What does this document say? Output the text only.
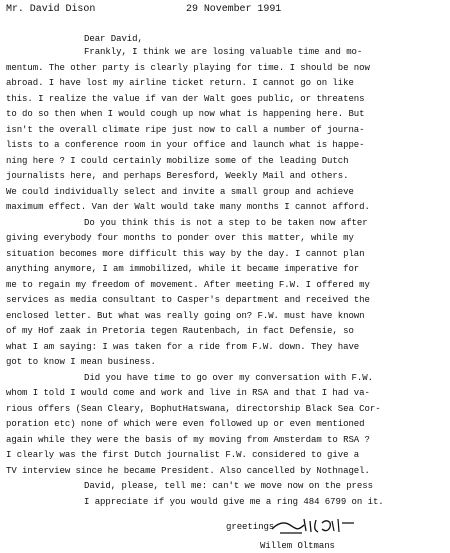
Mr. David Dison	29 November 1991
Dear David,
Frankly, I think we are losing valuable time and mo-
mentum. The other party is clearly playing for time. I should be now
abroad. I have lost my airline ticket return. I cannot go on like
this. I realize the value if van der Walt goes public, or threatens
to do so then when I would cough up now what is happening here. But
isn't the overall climate ripe just now to call a number of journa-
lists to a conference room in your office and launch what is happe-
ning here ? I could certainly mobilize some of the leading Dutch
journalists here, and perhaps Beresford, Weekly Mail and others.
We could individually select and invite a small group and achieve
maximum effect. Van der Walt would take many months I cannot afford.
Do you think this is not a step to be taken now after
giving everybody four months to ponder over this matter, while my
situation becomes more difficult this way by the day. I cannot plan
anything anymore, I am immobilized, while it became imperative for
me to regain my freedom of movement. After meeting F.W. I offered my
services as media consultant to Casper's department and received the
enclosed letter. But what was really going on? F.W. must have known
of my Hof zaak in Pretoria tegen Rautenbach, in fact Defensie, so
what I am saying: I was taken for a ride from F.W. down. They have
got to know I mean business.
Did you have time to go over my conversation with F.W.
whom I told I would come and work and live in RSA and that I had va-
rious offers (Sean Cleary, BophutHatswana, directorship Black Sea Cor-
poration etc) none of which were even followed up or even mentioned
again while they were the basis of my moving from Amsterdam to RSA ?
I clearly was the first Dutch journalist F.W. considered to give a
TV interview since he became President. Also cancelled by Nothnagel.
David, please, tell me: can't we move now on the press
I appreciate if you would give me a ring 484 6799 on it.
greetings
Willem Oltmans
